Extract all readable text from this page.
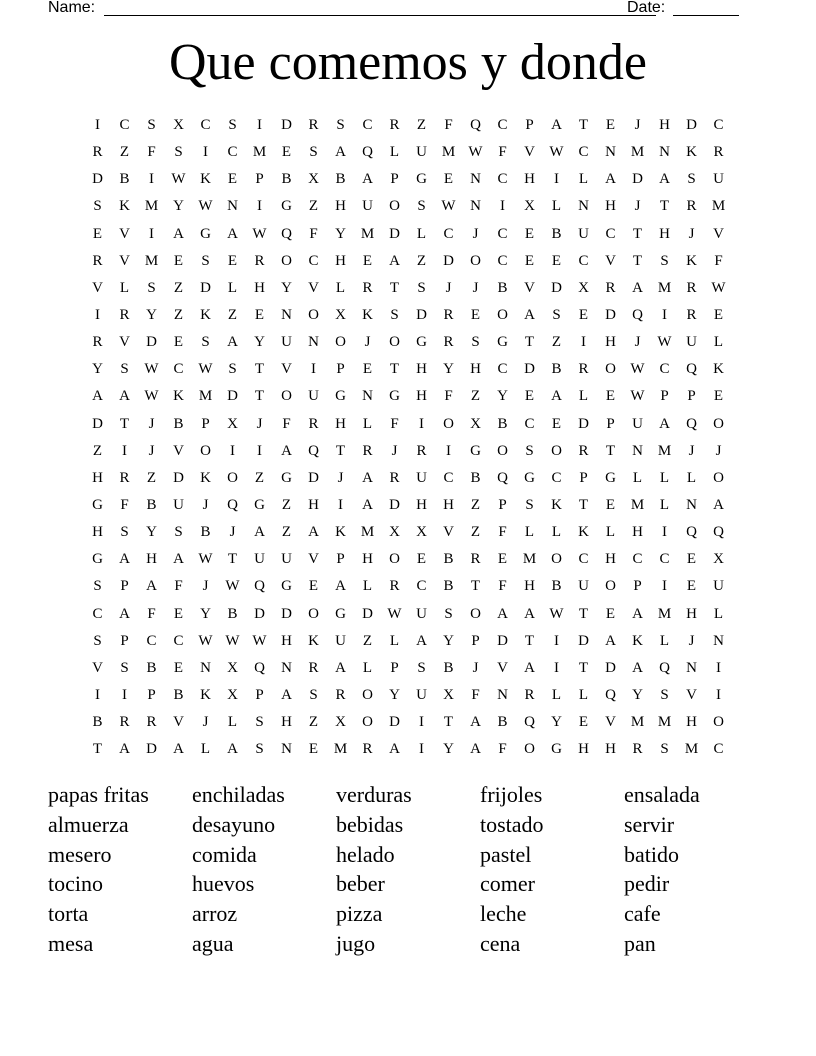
Name:	Date:
Que comemos y donde
I	C	S	X	C	S	I	D	R	S	C	R	Z	F	Q	C	P	A	T	E	J	H	D	C
R	Z	F	S	I	C	M	E	S	A	Q	L	U M W	F	V W C	N M N	K	R
D	B	I	W K	E	P	B	X	B	A	P	G	E	N	C	H	I	L	A	D	A	S	U
S	K M Y W N	I	G	Z	H	U	O	S	W N	I	X	L	N	H	J	T	R	M
E	V	I	A	G	A W Q	F	Y M D	L	C	J	C	E	B	U	C	T	H	J	V
R	V M	E	S	E	R	O	C	H	E	A	Z	D	O	C	E	E	C	V	T	S	K	F
V	L	S	Z	D	L	H	Y	V	L	R	T	S	J	J	B	V	D	X	R	A M	R W
I	R	Y	Z	K	Z	E	N	O	X	K	S	D	R	E	O	A	S	E	D	Q	I	R	E
R	V	D	E	S	A	Y	U	N	O	J	O	G	R	S	G	T	Z	I	H	J	W U	L
Y	S	W C W	S	T	V	I	P	E	T	H	Y	H	C	D	B	R	O W C	Q	K
A	A W K M D	T	O	U	G	N	G	H	F	Z	Y	E	A	L	E	W	P	P	E
D	T	J	B	P	X	J	F	R	H	L	F	I	O	X	B	C	E	D	P	U	A	Q	O
Z	I	J	V	O	I	I	A	Q	T	R	J	R	I	G	O	S	O	R	T	N M	J	J
H	R	Z	D	K	O	Z	G	D	J	A	R	U	C	B	Q	G	C	P	G	L	L	L	O
G	F	B	U	J	Q	G	Z	H	I	A	D	H	H	Z	P	S	K	T	E	M	L	N	A
H	S	Y	S	B	J	A	Z	A	K M X	X	V	Z	F	L	L	K	L	H	I	Q	Q
G	A	H	A W	T	U	U	V	P	H	O	E	B	R	E	M O	C	H	C	C	E	X
S	P	A	F	J	W Q	G	E	A	L	R	C	B	T	F	H	B	U	O	P	I	E	U
C	A	F	E	Y	B	D	D	O	G	D W U	S	O	A	A W	T	E	A M H	L
S	P	C	C W W W H	K	U	Z	L	A	Y	P	D	T	I	D	A	K	L	J	N
V	S	B	E	N	X	Q	N	R	A	L	P	S	B	J	V	A	I	T	D	A	Q	N	I
I	I	P	B	K	X	P	A	S	R	O	Y	U	X	F	N	R	L	L	Q	Y	S	V	I
B	R	R	V	J	L	S	H	Z	X	O	D	I	T	A	B	Q	Y	E	V M M H	O
T	A	D	A	L	A	S	N	E	M	R	A	I	Y	A	F	O	G	H	H	R	S	M	C
papas fritas	enchiladas	verduras	frijoles	ensalada
almuerza	desayuno	bebidas	tostado	servir
mesero	comida	helado	pastel	batido
tocino	huevos	beber	comer	pedir
torta	arroz	pizza	leche	cafe
mesa	agua	jugo	cena	pan
